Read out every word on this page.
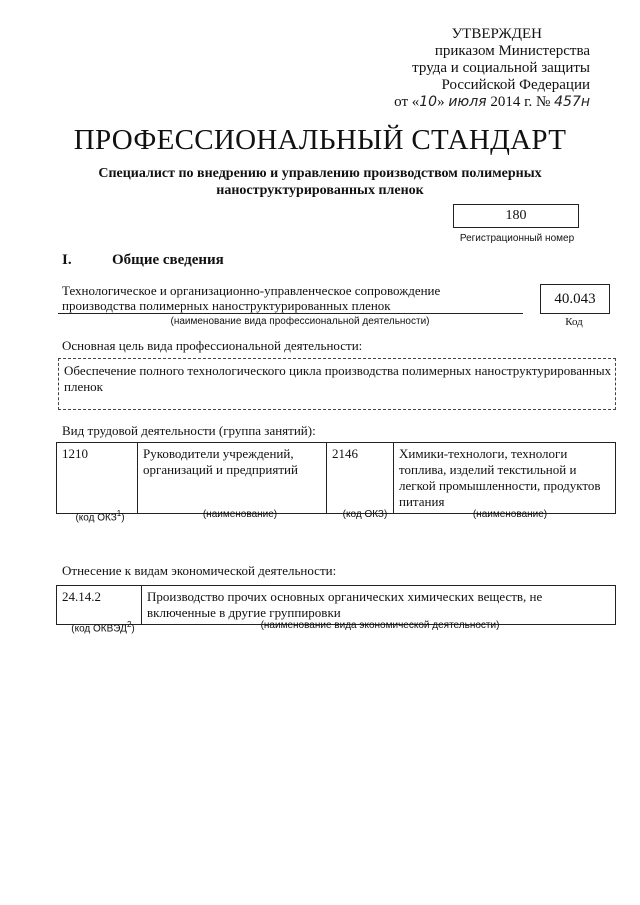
УТВЕРЖДЕН
приказом Министерства
труда и социальной защиты
Российской Федерации
от «10» июля 2014 г. № 457н
ПРОФЕССИОНАЛЬНЫЙ СТАНДАРТ
Специалист по внедрению и управлению производством полимерных наноструктурированных пленок
180
Регистрационный номер
I.	Общие сведения
Технологическое и организационно-управленческое сопровождение производства полимерных наноструктурированных пленок
(наименование вида профессиональной деятельности)
40.043
Код
Основная цель вида профессиональной деятельности:
Обеспечение полного технологического цикла производства полимерных наноструктурированных пленок
Вид трудовой деятельности (группа занятий):
1210	Руководители учреждений, организаций и предприятий	2146	Химики-технологи, технологи топлива, изделий текстильной и легкой промышленности, продуктов питания
(код ОКЗ$^1$)	(наименование)	(код ОКЗ)	(наименование)
Отнесение к видам экономической деятельности:
24.14.2	Производство прочих основных органических химических веществ, не включенные в другие группировки
(код ОКВЭД$^2$)	(наименование вида экономической деятельности)
